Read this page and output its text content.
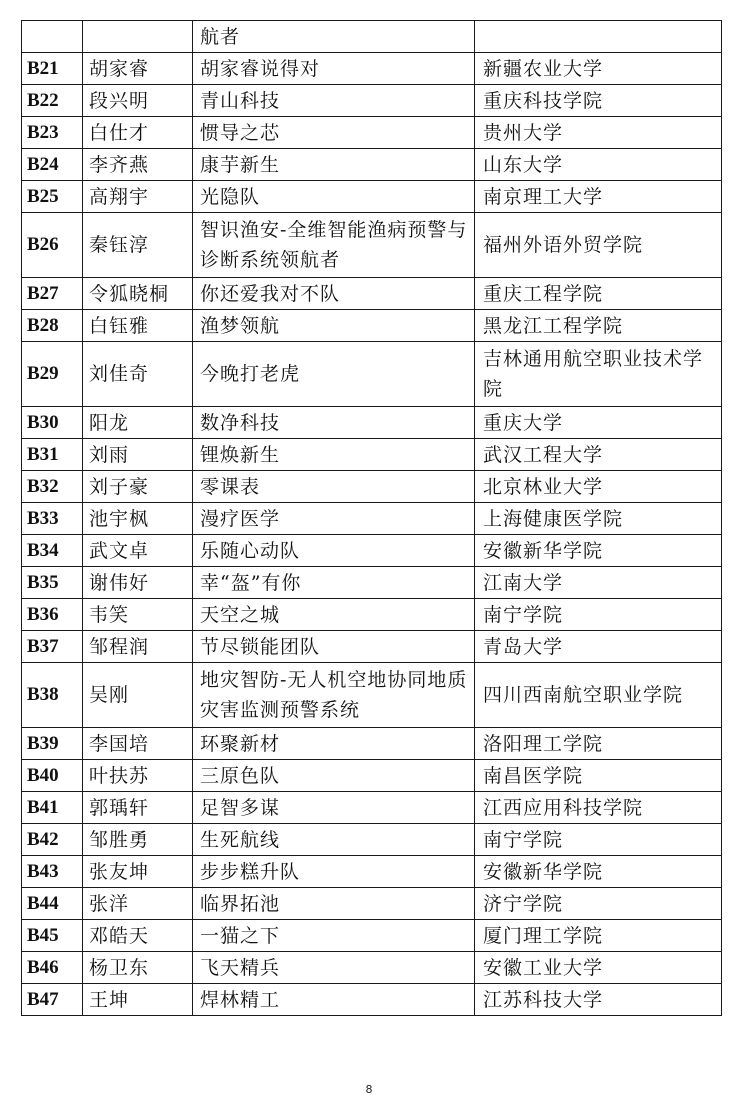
		航者	
B21	胡家睿	胡家睿说得对	新疆农业大学
B22	段兴明	青山科技	重庆科技学院
B23	白仕才	惯导之芯	贵州大学
B24	李齐燕	康芋新生	山东大学
B25	高翔宇	光隐队	南京理工大学
B26	秦钰淳	智识渔安-全维智能渔病预警与诊断系统领航者	福州外语外贸学院
B27	令狐晓桐	你还爱我对不队	重庆工程学院
B28	白钰雅	渔梦领航	黑龙江工程学院
B29	刘佳奇	今晚打老虎	吉林通用航空职业技术学院
B30	阳龙	数净科技	重庆大学
B31	刘雨	锂焕新生	武汉工程大学
B32	刘子豪	零课表	北京林业大学
B33	池宇枫	漫疗医学	上海健康医学院
B34	武文卓	乐随心动队	安徽新华学院
B35	谢伟好	幸“盔”有你	江南大学
B36	韦笑	天空之城	南宁学院
B37	邹程润	节尽锁能团队	青岛大学
B38	吴刚	地灾智防-无人机空地协同地质灾害监测预警系统	四川西南航空职业学院
B39	李国培	环聚新材	洛阳理工学院
B40	叶扶苏	三原色队	南昌医学院
B41	郭瑀轩	足智多谋	江西应用科技学院
B42	邹胜勇	生死航线	南宁学院
B43	张友坤	步步糕升队	安徽新华学院
B44	张洋	临界拓池	济宁学院
B45	邓皓天	一猫之下	厦门理工学院
B46	杨卫东	飞天精兵	安徽工业大学
B47	王坤	焊林精工	江苏科技大学
8
